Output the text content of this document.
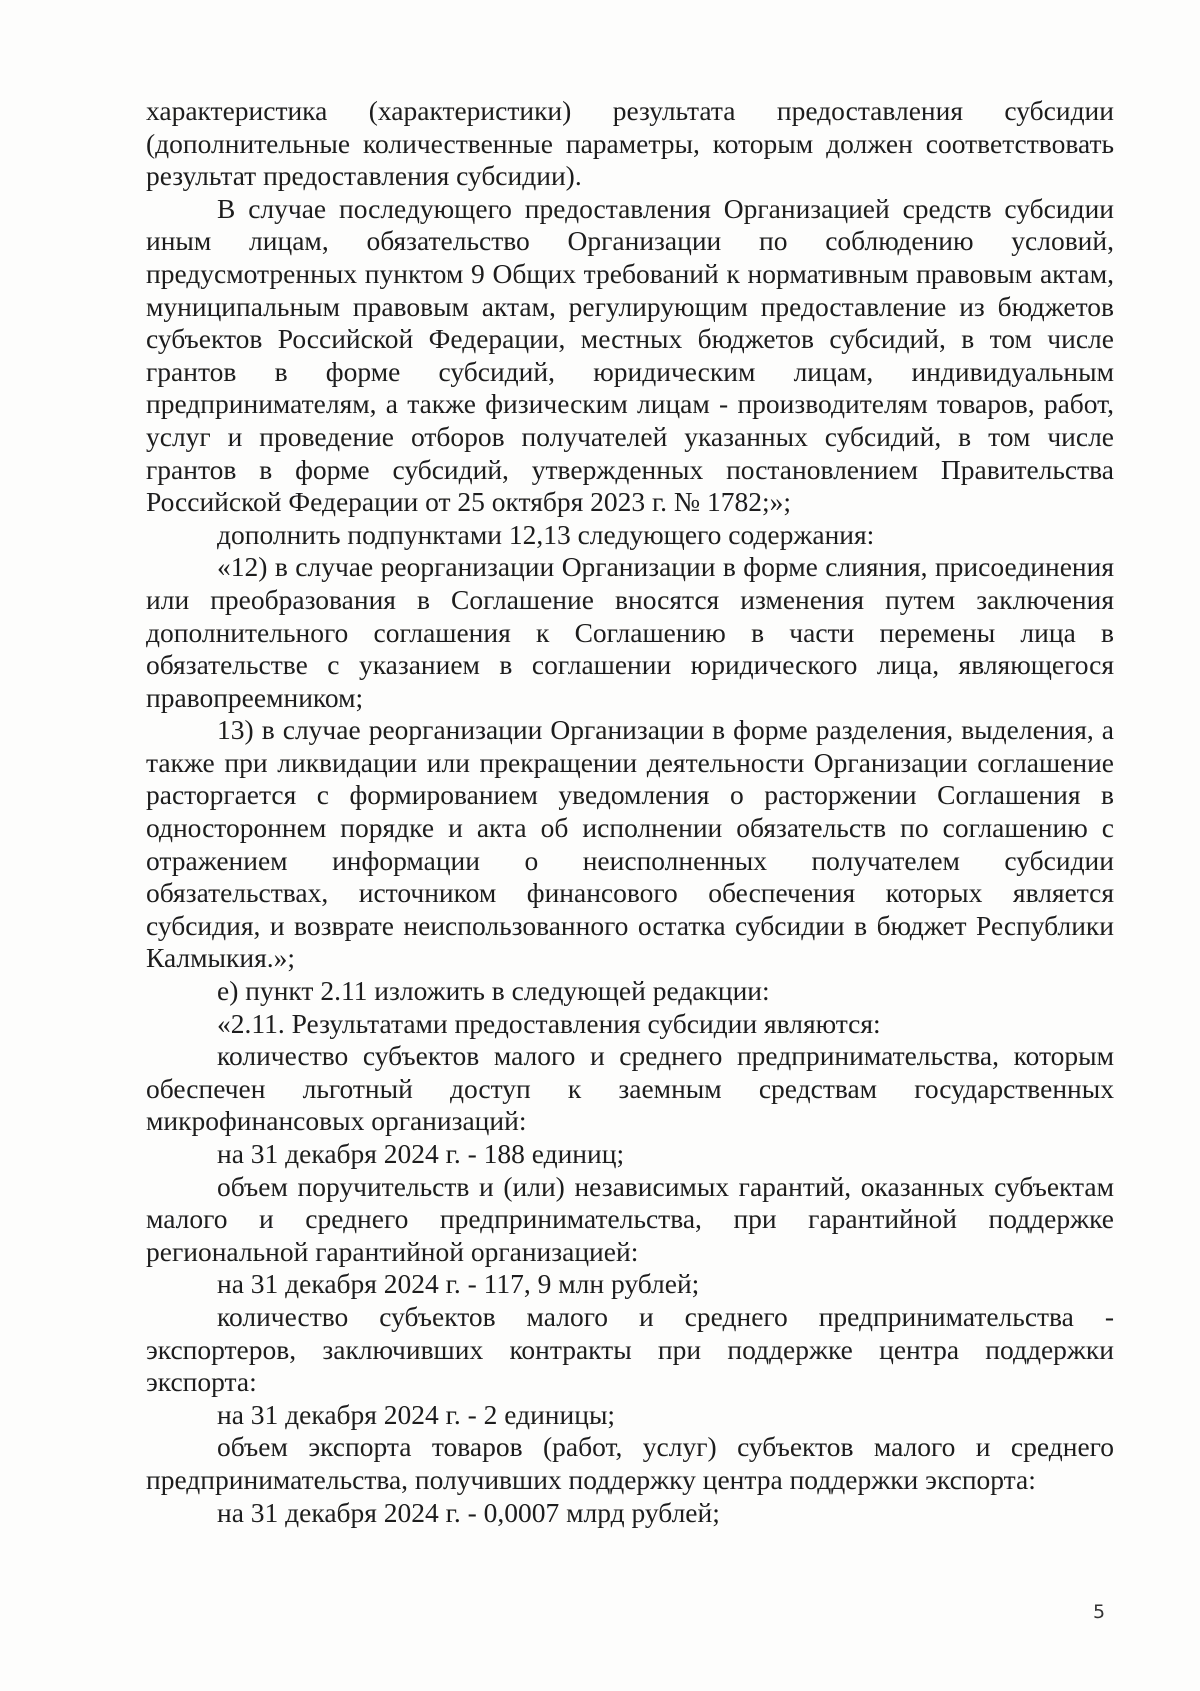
характеристика (характеристики) результата предоставления субсидии (дополнительные количественные параметры, которым должен соответствовать результат предоставления субсидии).

В случае последующего предоставления Организацией средств субсидии иным лицам, обязательство Организации по соблюдению условий, предусмотренных пунктом 9 Общих требований к нормативным правовым актам, муниципальным правовым актам, регулирующим предоставление из бюджетов субъектов Российской Федерации, местных бюджетов субсидий, в том числе грантов в форме субсидий, юридическим лицам, индивидуальным предпринимателям, а также физическим лицам - производителям товаров, работ, услуг и проведение отборов получателей указанных субсидий, в том числе грантов в форме субсидий, утвержденных постановлением Правительства Российской Федерации от 25 октября 2023 г. № 1782;»;

дополнить подпунктами 12,13 следующего содержания:

«12) в случае реорганизации Организации в форме слияния, присоединения или преобразования в Соглашение вносятся изменения путем заключения дополнительного соглашения к Соглашению в части перемены лица в обязательстве с указанием в соглашении юридического лица, являющегося правопреемником;

13) в случае реорганизации Организации в форме разделения, выделения, а также при ликвидации или прекращении деятельности Организации соглашение расторгается с формированием уведомления о расторжении Соглашения в одностороннем порядке и акта об исполнении обязательств по соглашению с отражением информации о неисполненных получателем субсидии обязательствах, источником финансового обеспечения которых является субсидия, и возврате неиспользованного остатка субсидии в бюджет Республики Калмыкия.»;

е) пункт 2.11 изложить в следующей редакции:

«2.11. Результатами предоставления субсидии являются:

количество субъектов малого и среднего предпринимательства, которым обеспечен льготный доступ к заемным средствам государственных микрофинансовых организаций:

на 31 декабря 2024 г. - 188 единиц;

объем поручительств и (или) независимых гарантий, оказанных субъектам малого и среднего предпринимательства, при гарантийной поддержке региональной гарантийной организацией:

на 31 декабря 2024 г. - 117, 9 млн рублей;

количество субъектов малого и среднего предпринимательства - экспортеров, заключивших контракты при поддержке центра поддержки экспорта:

на 31 декабря 2024 г. - 2 единицы;

объем экспорта товаров (работ, услуг) субъектов малого и среднего предпринимательства, получивших поддержку центра поддержки экспорта:

на 31 декабря 2024 г. - 0,0007 млрд рублей;

5
